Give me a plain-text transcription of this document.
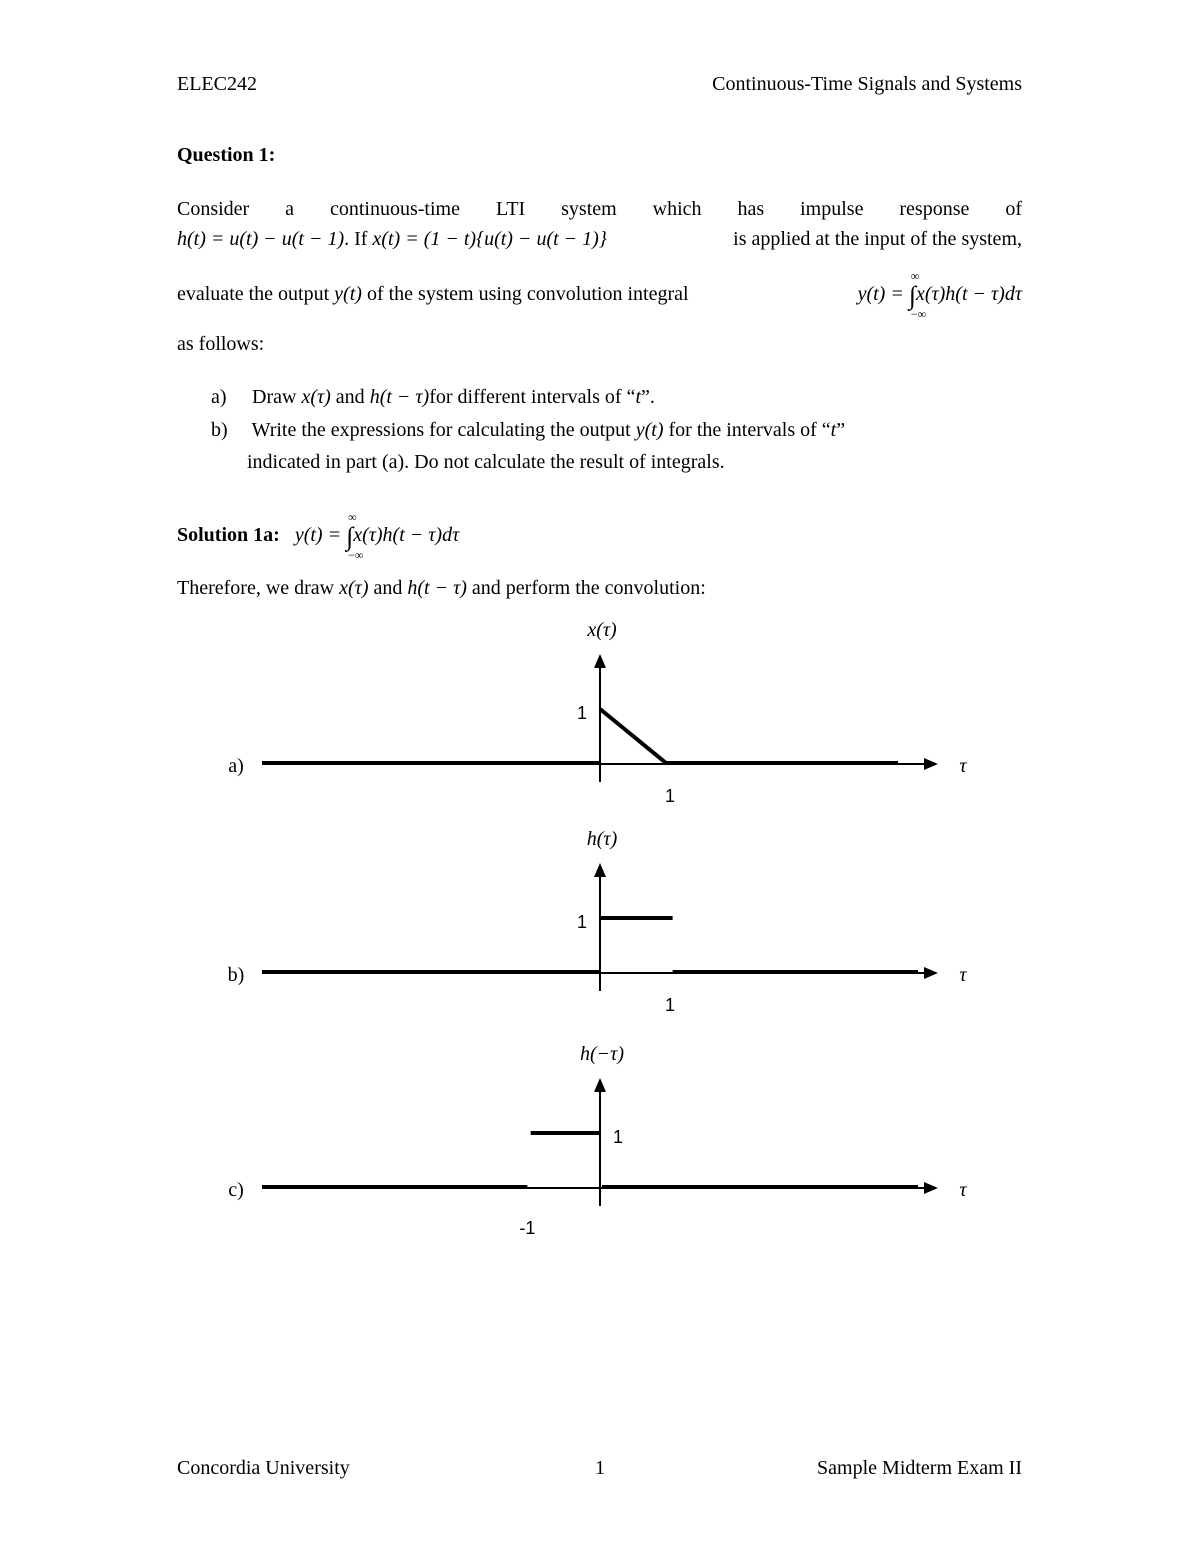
ELEC242	Continuous-Time Signals and Systems
Question 1:
Consider a continuous-time LTI system which has impulse response of
h(t) = u(t) − u(t − 1). If x(t) = (1 − t){u(t) − u(t − 1)}	is applied at the input of the system,
evaluate the output y(t) of the system using convolution integral	y(t) = ∫
∞
−∞
x(τ)h(t − τ)dτ
as follows:
a) Draw x(τ) and h(t − τ)for different intervals of “t”.
b) Write the expressions for calculating the output y(t) for the intervals of “t”
indicated in part (a). Do not calculate the result of integrals.
Solution 1a: y(t) = ∫
∞
−∞
x(τ)h(t − τ)dτ
Therefore, we draw x(τ) and h(t − τ) and perform the convolution:
x(τ)
τ
a)
1
1
h(τ)
τ
b)
1
1
h(−τ)
τ
c)
1
-1
Concordia University	1	Sample Midterm Exam II
